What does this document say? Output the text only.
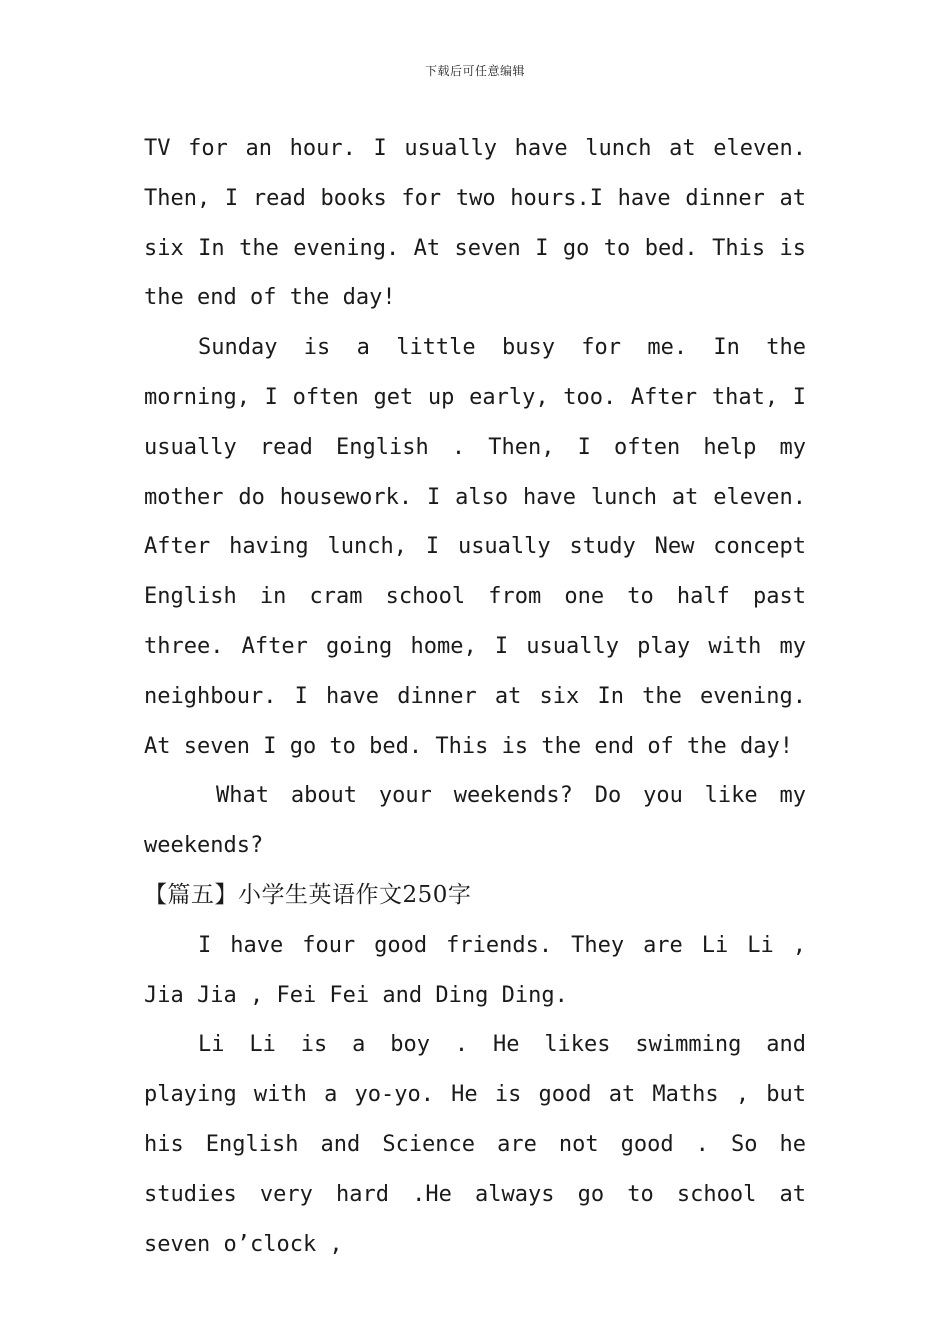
下载后可任意编辑

TV for an hour. I usually have lunch at eleven. Then, I read books for two hours.I have dinner at six In the evening. At seven I go to bed. This is the end of the day!

Sunday is a little busy for me. In the morning, I often get up early, too. After that, I usually read English . Then, I often help my mother do housework. I also have lunch at eleven. After having lunch, I usually study New concept English in cram school from one to half past three. After going home, I usually play with my neighbour. I have dinner at six In the evening. At seven I go to bed. This is the end of the day!

What about your weekends? Do you like my weekends?

【篇五】小学生英语作文250字

I have four good friends. They are Li Li , Jia Jia , Fei Fei and Ding Ding.

Li Li is a boy . He likes swimming and playing with a yo-yo. He is good at Maths , but his English and Science are not good . So he studies very hard .He always go to school at seven o’clock ,
